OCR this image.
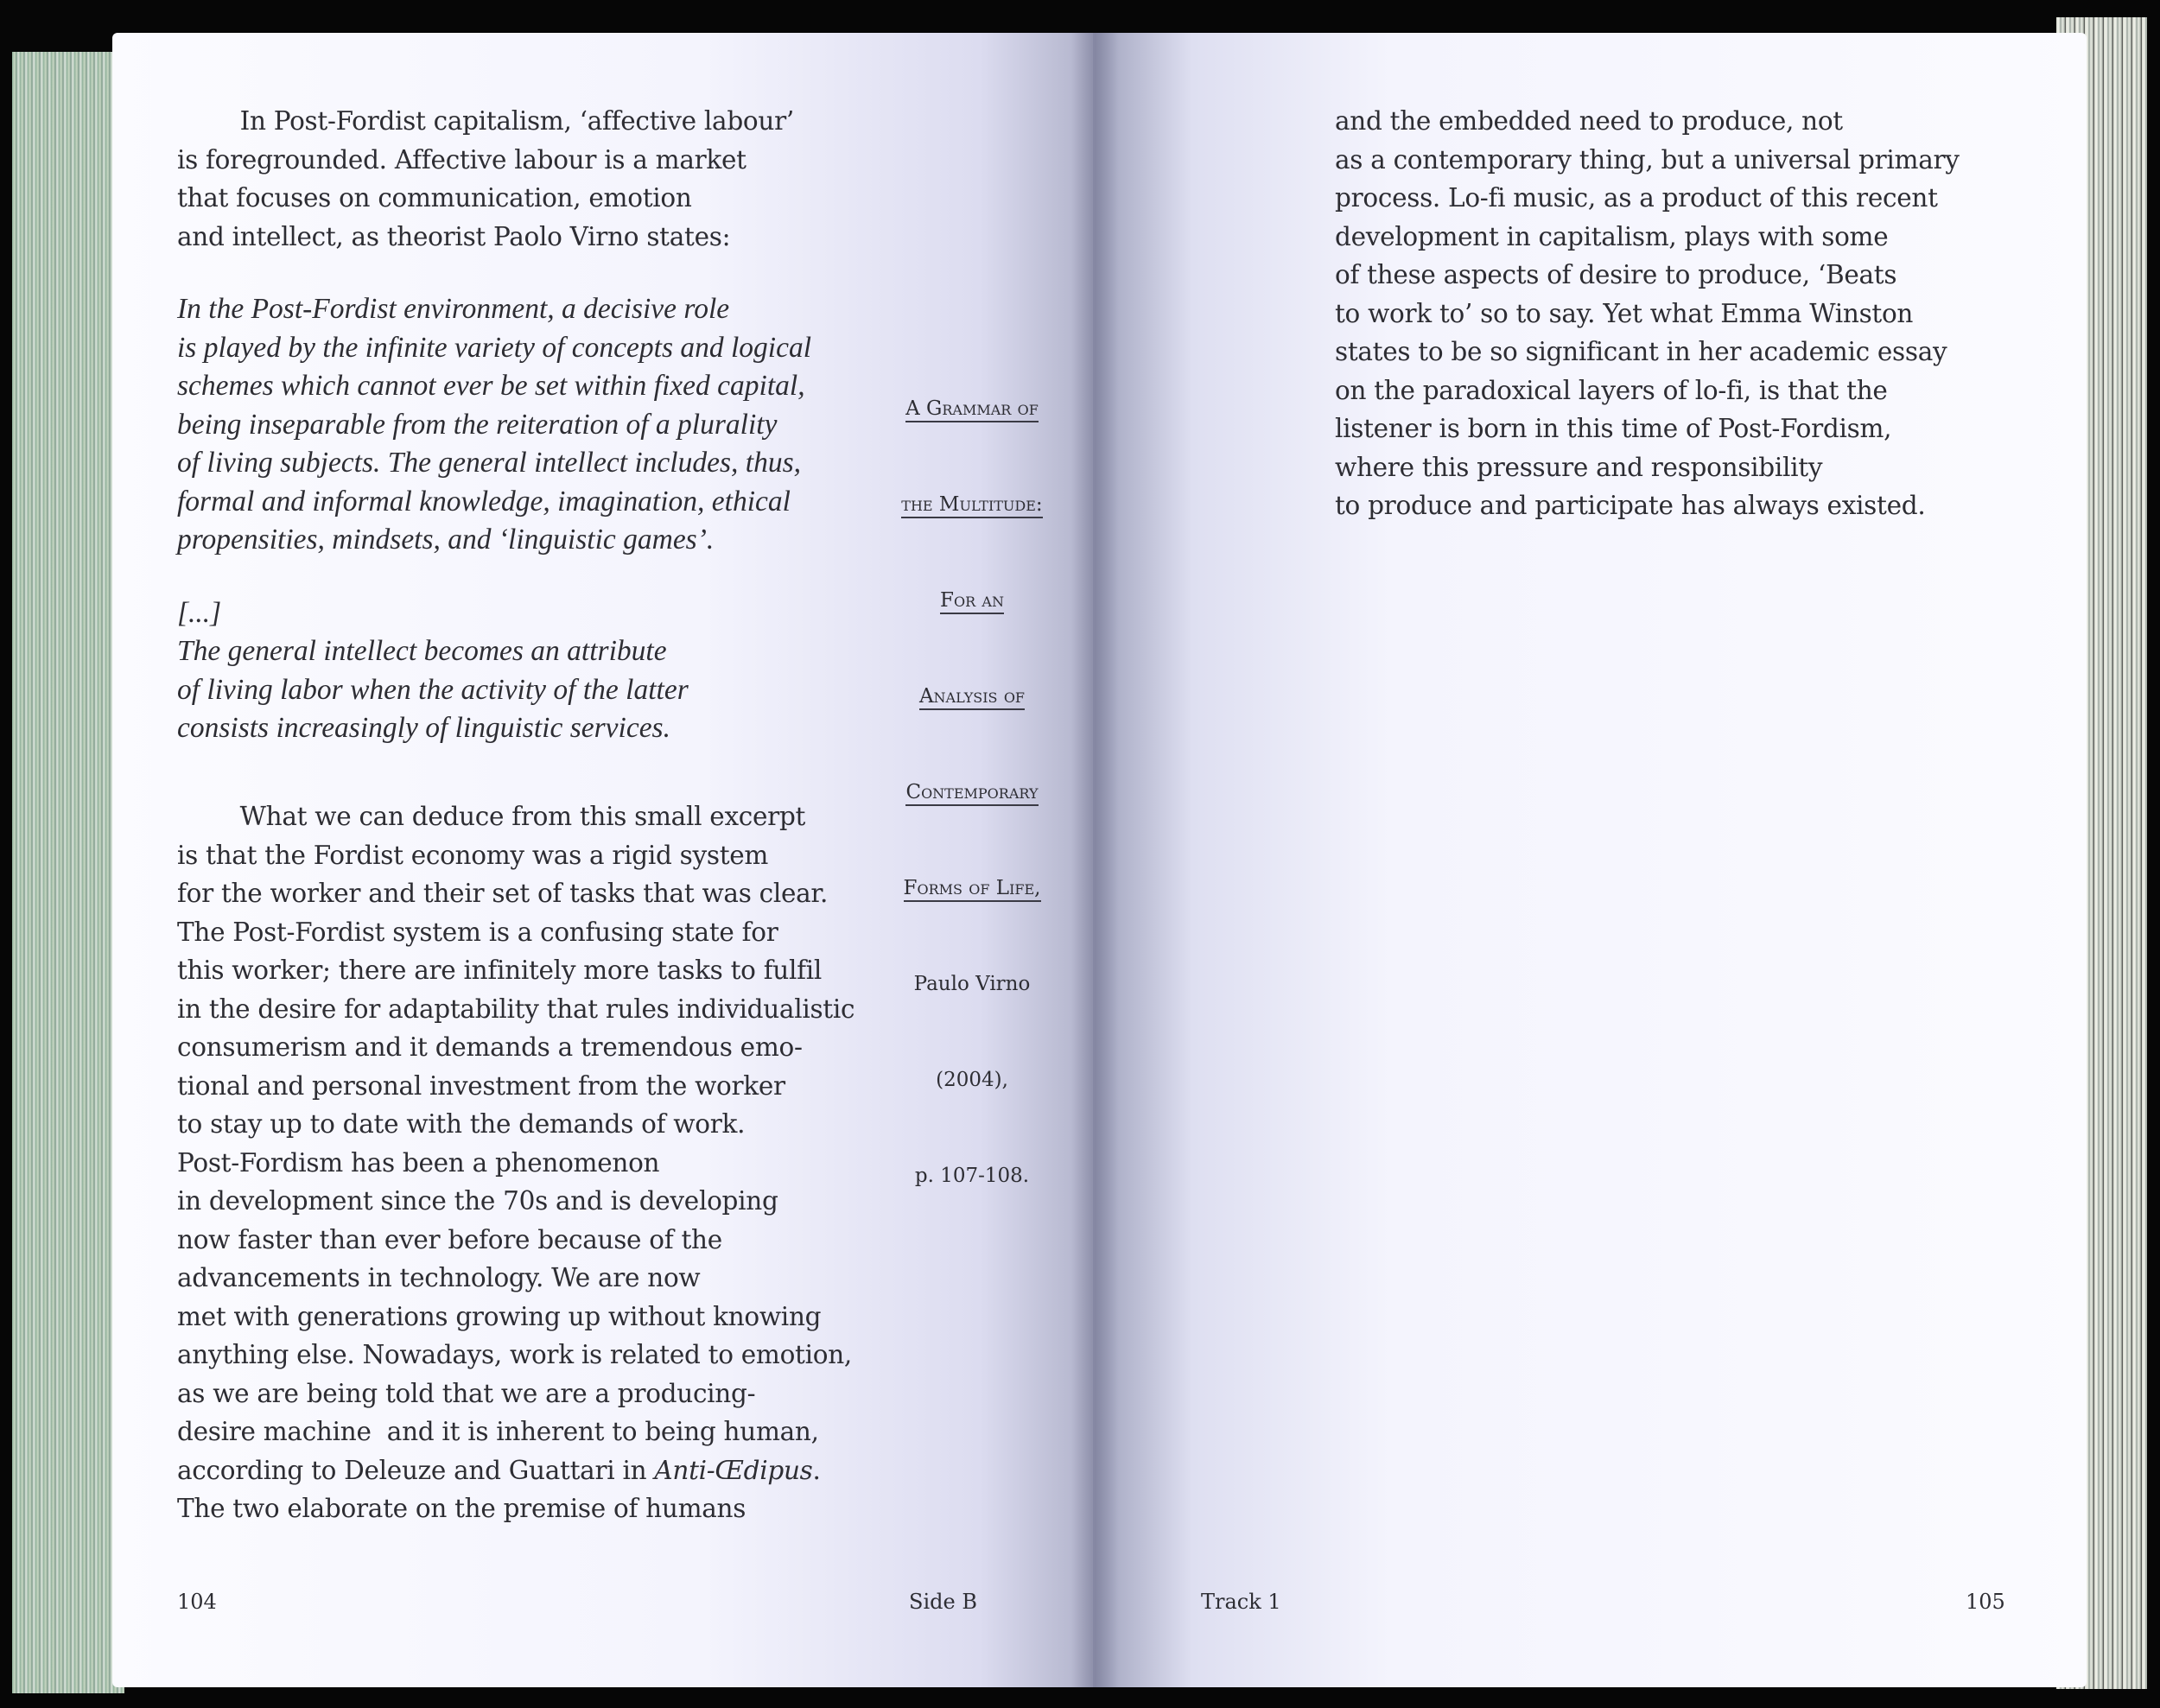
In Post-Fordist capitalism, ‘affective labour’
is foregrounded. Affective labour is a market
that focuses on communication, emotion
and intellect, as theorist Paolo Virno states:

In the Post-Fordist environment, a decisive role
is played by the infinite variety of concepts and logical
schemes which cannot ever be set within fixed capital,
being inseparable from the reiteration of a plurality
of living subjects. The general intellect includes, thus,
formal and informal knowledge, imagination, ethical
propensities, mindsets, and ‘linguistic games’.

[...]

The general intellect becomes an attribute
of living labor when the activity of the latter
consists increasingly of linguistic services.

What we can deduce from this small excerpt
is that the Fordist economy was a rigid system
for the worker and their set of tasks that was clear.
The Post-Fordist system is a confusing state for
this worker; there are infinitely more tasks to fulfil
in the desire for adaptability that rules individualistic
consumerism and it demands a tremendous emo-
tional and personal investment from the worker
to stay up to date with the demands of work.
Post-Fordism has been a phenomenon
in development since the 70s and is developing
now faster than ever before because of the
advancements in technology. We are now
met with generations growing up without knowing
anything else. Nowadays, work is related to emotion,
as we are being told that we are a producing-
desire machine  and it is inherent to being human,
according to Deleuze and Guattari in Anti-Œdipus.
The two elaborate on the premise of humans

A Grammar of

the Multitude:

For an

Analysis of

Contemporary

Forms of Life,

Paulo Virno

(2004),

p. 107-108.

104	Side B

and the embedded need to produce, not
as a contemporary thing, but a universal primary
process. Lo-fi music, as a product of this recent
development in capitalism, plays with some
of these aspects of desire to produce, ‘Beats
to work to’ so to say. Yet what Emma Winston
states to be so significant in her academic essay
on the paradoxical layers of lo-fi, is that the
listener is born in this time of Post-Fordism,
where this pressure and responsibility
to produce and participate has always existed.

Track 1	105
